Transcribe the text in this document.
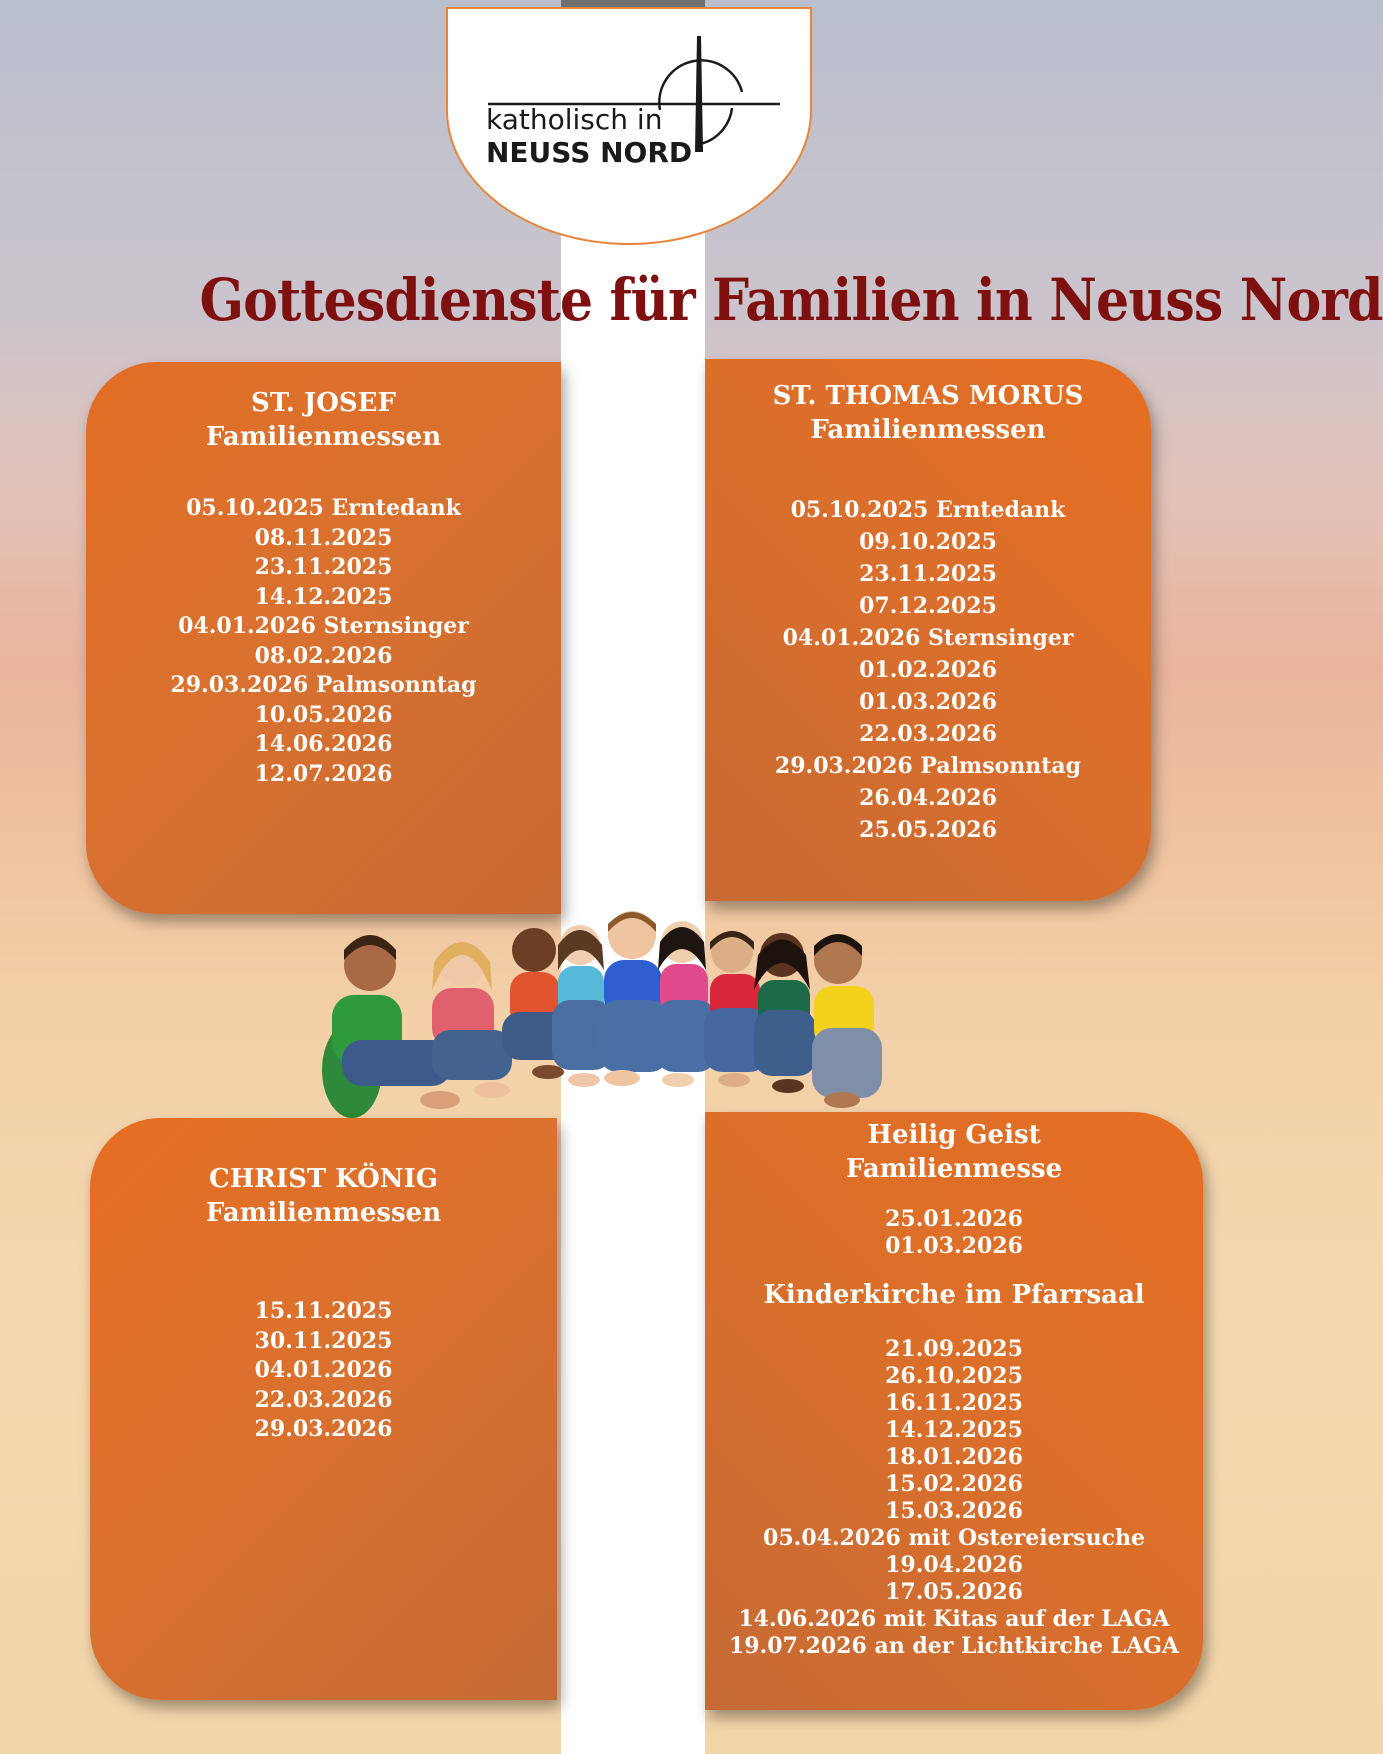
katholisch in
NEUSS NORD
Gottesdienste für Familien in Neuss Nord
ST. JOSEF
Familienmessen
05.10.2025 Erntedank
08.11.2025
23.11.2025
14.12.2025
04.01.2026 Sternsinger
08.02.2026
29.03.2026 Palmsonntag
10.05.2026
14.06.2026
12.07.2026
ST. THOMAS MORUS
Familienmessen
05.10.2025 Erntedank
09.10.2025
23.11.2025
07.12.2025
04.01.2026 Sternsinger
01.02.2026
01.03.2026
22.03.2026
29.03.2026 Palmsonntag
26.04.2026
25.05.2026
CHRIST KÖNIG
Familienmessen
15.11.2025
30.11.2025
04.01.2026
22.03.2026
29.03.2026
Heilig Geist
Familienmesse
25.01.2026
01.03.2026
Kinderkirche im Pfarrsaal
21.09.2025
26.10.2025
16.11.2025
14.12.2025
18.01.2026
15.02.2026
15.03.2026
05.04.2026 mit Ostereiersuche
19.04.2026
17.05.2026
14.06.2026 mit Kitas auf der LAGA
19.07.2026 an der Lichtkirche LAGA
